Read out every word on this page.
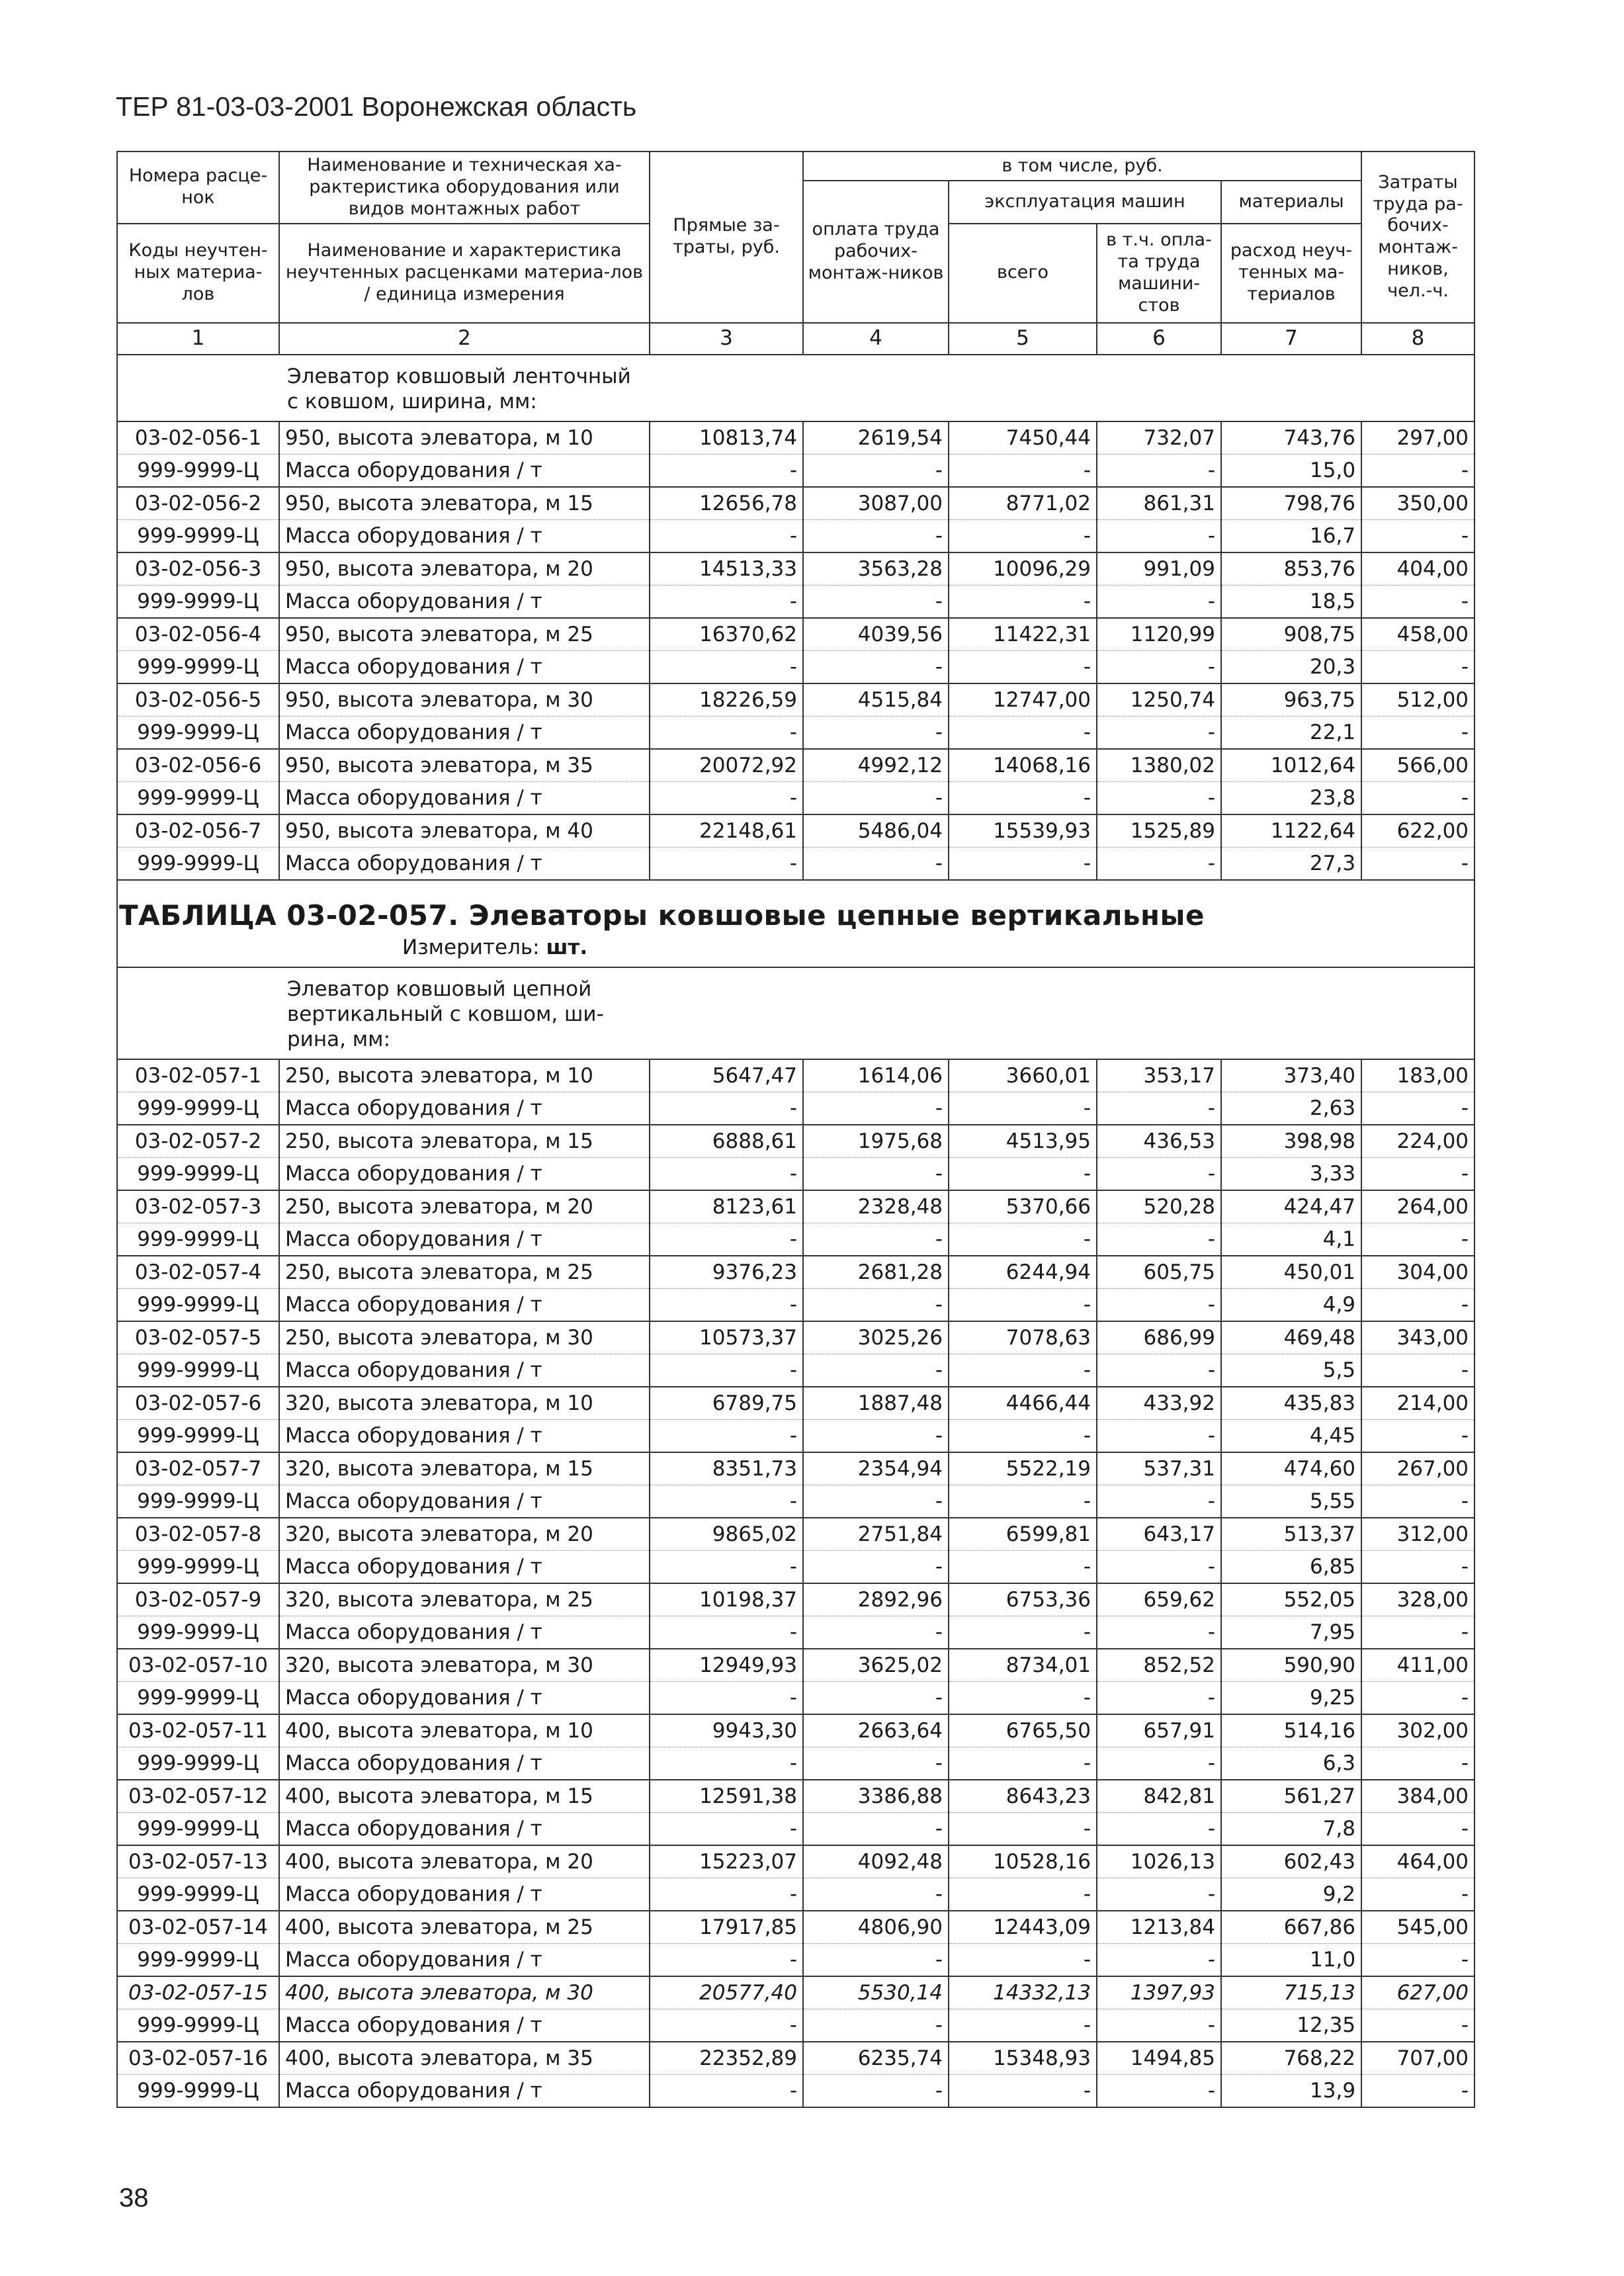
ТЕР 81-03-03-2001 Воронежская область
Номера расце-нок	Наименование и техническая ха-рактеристика оборудования или видов монтажных работ	Прямые за-траты, руб.	в том числе, руб.				Затраты труда ра-бочих-монтаж-ников, чел.-ч.
			оплата труда рабочих-монтаж-ников	эксплуатация машин		материалы	
Коды неучтен-ных материа-лов	Наименование и характеристика неучтенных расценками материа-лов / единица измерения			всего	в т.ч. опла-та труда машини-стов	расход неуч-тенных ма-териалов	

1	2	3	4	5	6	7	8

	Элеватор ковшовый ленточный
с ковшом, ширина, мм:						

03-02-056-1	950, высота элеватора, м 10	10813,74	2619,54	7450,44	732,07	743,76	297,00
999-9999-Ц	Масса оборудования / т	-	-	-	-	15,0	-
03-02-056-2	950, высота элеватора, м 15	12656,78	3087,00	8771,02	861,31	798,76	350,00
999-9999-Ц	Масса оборудования / т	-	-	-	-	16,7	-
03-02-056-3	950, высота элеватора, м 20	14513,33	3563,28	10096,29	991,09	853,76	404,00
999-9999-Ц	Масса оборудования / т	-	-	-	-	18,5	-
03-02-056-4	950, высота элеватора, м 25	16370,62	4039,56	11422,31	1120,99	908,75	458,00
999-9999-Ц	Масса оборудования / т	-	-	-	-	20,3	-
03-02-056-5	950, высота элеватора, м 30	18226,59	4515,84	12747,00	1250,74	963,75	512,00
999-9999-Ц	Масса оборудования / т	-	-	-	-	22,1	-
03-02-056-6	950, высота элеватора, м 35	20072,92	4992,12	14068,16	1380,02	1012,64	566,00
999-9999-Ц	Масса оборудования / т	-	-	-	-	23,8	-
03-02-056-7	950, высота элеватора, м 40	22148,61	5486,04	15539,93	1525,89	1122,64	622,00
999-9999-Ц	Масса оборудования / т	-	-	-	-	27,3	-

ТАБЛИЦА 03-02-057. Элеваторы ковшовые цепные вертикальные
Измеритель: шт.							

	Элеватор ковшовый цепной
вертикальный с ковшом, ши-
рина, мм:						

03-02-057-1	250, высота элеватора, м 10	5647,47	1614,06	3660,01	353,17	373,40	183,00
999-9999-Ц	Масса оборудования / т	-	-	-	-	2,63	-
03-02-057-2	250, высота элеватора, м 15	6888,61	1975,68	4513,95	436,53	398,98	224,00
999-9999-Ц	Масса оборудования / т	-	-	-	-	3,33	-
03-02-057-3	250, высота элеватора, м 20	8123,61	2328,48	5370,66	520,28	424,47	264,00
999-9999-Ц	Масса оборудования / т	-	-	-	-	4,1	-
03-02-057-4	250, высота элеватора, м 25	9376,23	2681,28	6244,94	605,75	450,01	304,00
999-9999-Ц	Масса оборудования / т	-	-	-	-	4,9	-
03-02-057-5	250, высота элеватора, м 30	10573,37	3025,26	7078,63	686,99	469,48	343,00
999-9999-Ц	Масса оборудования / т	-	-	-	-	5,5	-
03-02-057-6	320, высота элеватора, м 10	6789,75	1887,48	4466,44	433,92	435,83	214,00
999-9999-Ц	Масса оборудования / т	-	-	-	-	4,45	-
03-02-057-7	320, высота элеватора, м 15	8351,73	2354,94	5522,19	537,31	474,60	267,00
999-9999-Ц	Масса оборудования / т	-	-	-	-	5,55	-
03-02-057-8	320, высота элеватора, м 20	9865,02	2751,84	6599,81	643,17	513,37	312,00
999-9999-Ц	Масса оборудования / т	-	-	-	-	6,85	-
03-02-057-9	320, высота элеватора, м 25	10198,37	2892,96	6753,36	659,62	552,05	328,00
999-9999-Ц	Масса оборудования / т	-	-	-	-	7,95	-
03-02-057-10	320, высота элеватора, м 30	12949,93	3625,02	8734,01	852,52	590,90	411,00
999-9999-Ц	Масса оборудования / т	-	-	-	-	9,25	-
03-02-057-11	400, высота элеватора, м 10	9943,30	2663,64	6765,50	657,91	514,16	302,00
999-9999-Ц	Масса оборудования / т	-	-	-	-	6,3	-
03-02-057-12	400, высота элеватора, м 15	12591,38	3386,88	8643,23	842,81	561,27	384,00
999-9999-Ц	Масса оборудования / т	-	-	-	-	7,8	-
03-02-057-13	400, высота элеватора, м 20	15223,07	4092,48	10528,16	1026,13	602,43	464,00
999-9999-Ц	Масса оборудования / т	-	-	-	-	9,2	-
03-02-057-14	400, высота элеватора, м 25	17917,85	4806,90	12443,09	1213,84	667,86	545,00
999-9999-Ц	Масса оборудования / т	-	-	-	-	11,0	-
03-02-057-15	400, высота элеватора, м 30	20577,40	5530,14	14332,13	1397,93	715,13	627,00
999-9999-Ц	Масса оборудования / т	-	-	-	-	12,35	-
03-02-057-16	400, высота элеватора, м 35	22352,89	6235,74	15348,93	1494,85	768,22	707,00
999-9999-Ц	Масса оборудования / т	-	-	-	-	13,9	-
38
